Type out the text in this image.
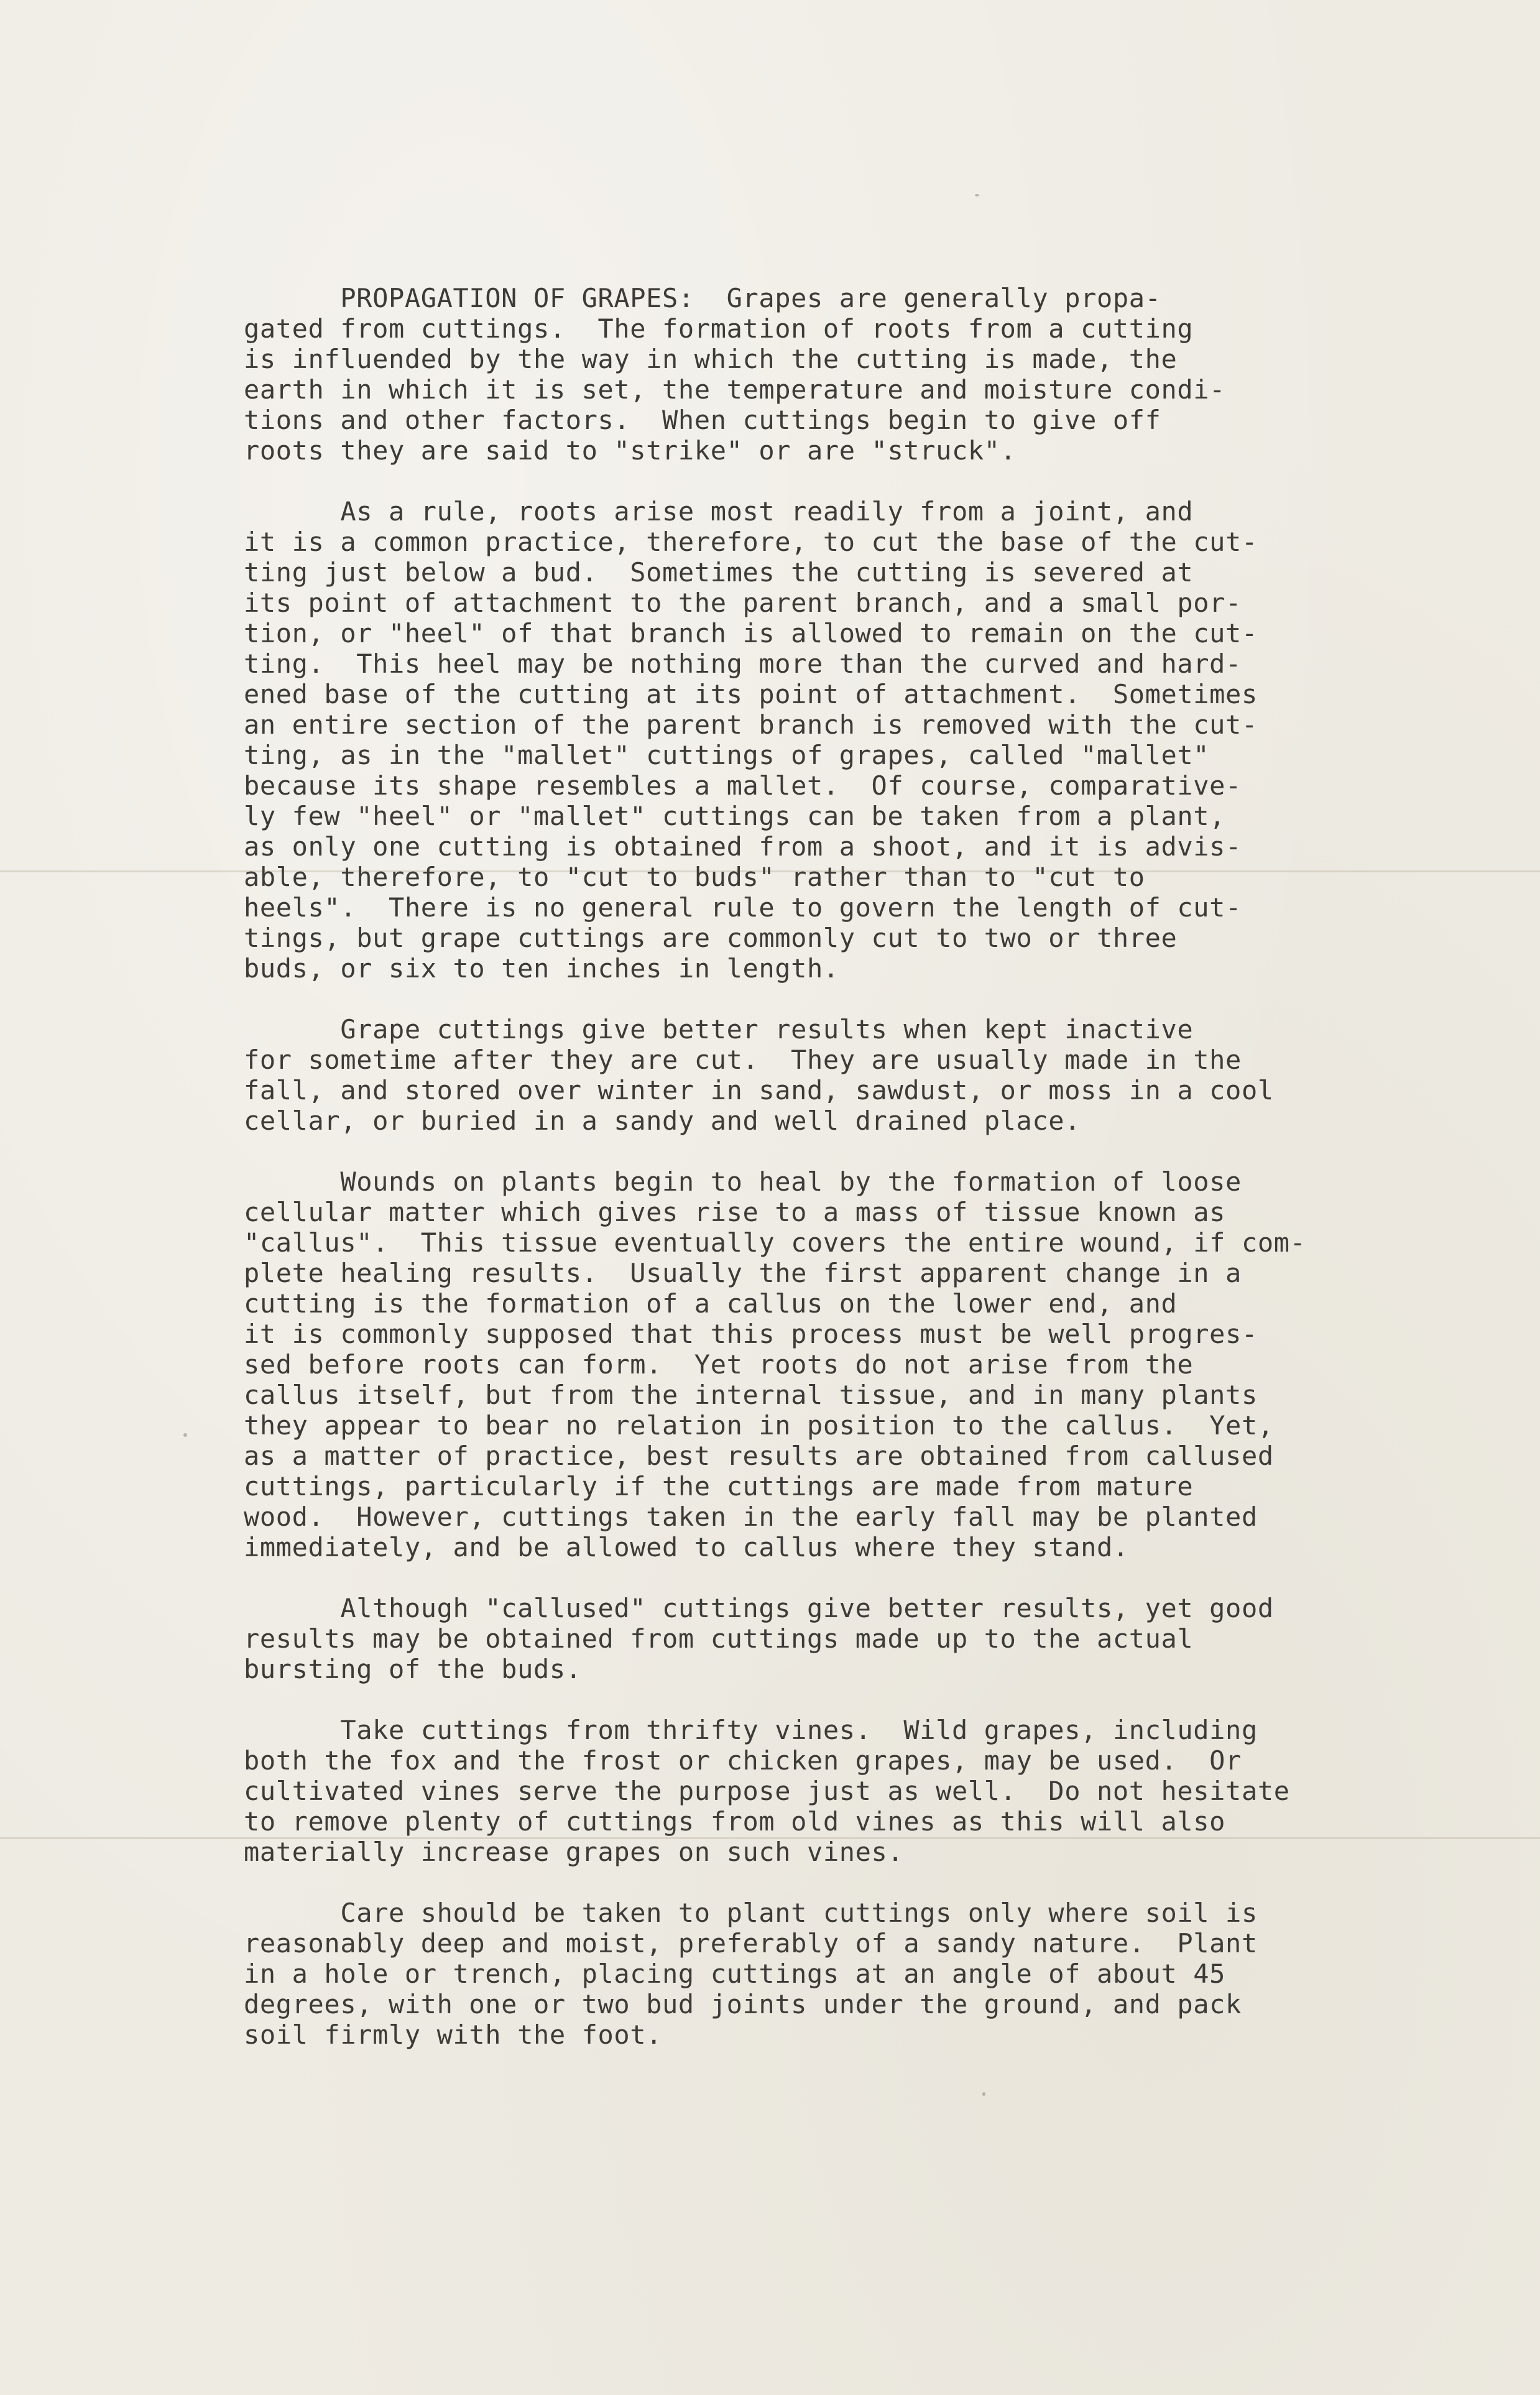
PROPAGATION OF GRAPES:  Grapes are generally propa-
gated from cuttings.  The formation of roots from a cutting
is influended by the way in which the cutting is made, the
earth in which it is set, the temperature and moisture condi-
tions and other factors.  When cuttings begin to give off
roots they are said to "strike" or are "struck".
As a rule, roots arise most readily from a joint, and
it is a common practice, therefore, to cut the base of the cut-
ting just below a bud.  Sometimes the cutting is severed at
its point of attachment to the parent branch, and a small por-
tion, or "heel" of that branch is allowed to remain on the cut-
ting.  This heel may be nothing more than the curved and hard-
ened base of the cutting at its point of attachment.  Sometimes
an entire section of the parent branch is removed with the cut-
ting, as in the "mallet" cuttings of grapes, called "mallet"
because its shape resembles a mallet.  Of course, comparative-
ly few "heel" or "mallet" cuttings can be taken from a plant,
as only one cutting is obtained from a shoot, and it is advis-
able, therefore, to "cut to buds" rather than to "cut to
heels".  There is no general rule to govern the length of cut-
tings, but grape cuttings are commonly cut to two or three
buds, or six to ten inches in length.
Grape cuttings give better results when kept inactive
for sometime after they are cut.  They are usually made in the
fall, and stored over winter in sand, sawdust, or moss in a cool
cellar, or buried in a sandy and well drained place.
Wounds on plants begin to heal by the formation of loose
cellular matter which gives rise to a mass of tissue known as
"callus".  This tissue eventually covers the entire wound, if com-
plete healing results.  Usually the first apparent change in a
cutting is the formation of a callus on the lower end, and
it is commonly supposed that this process must be well progres-
sed before roots can form.  Yet roots do not arise from the
callus itself, but from the internal tissue, and in many plants
they appear to bear no relation in position to the callus.  Yet,
as a matter of practice, best results are obtained from callused
cuttings, particularly if the cuttings are made from mature
wood.  However, cuttings taken in the early fall may be planted
immediately, and be allowed to callus where they stand.
Although "callused" cuttings give better results, yet good
results may be obtained from cuttings made up to the actual
bursting of the buds.
Take cuttings from thrifty vines.  Wild grapes, including
both the fox and the frost or chicken grapes, may be used.  Or
cultivated vines serve the purpose just as well.  Do not hesitate
to remove plenty of cuttings from old vines as this will also
materially increase grapes on such vines.
Care should be taken to plant cuttings only where soil is
reasonably deep and moist, preferably of a sandy nature.  Plant
in a hole or trench, placing cuttings at an angle of about 45
degrees, with one or two bud joints under the ground, and pack
soil firmly with the foot.
